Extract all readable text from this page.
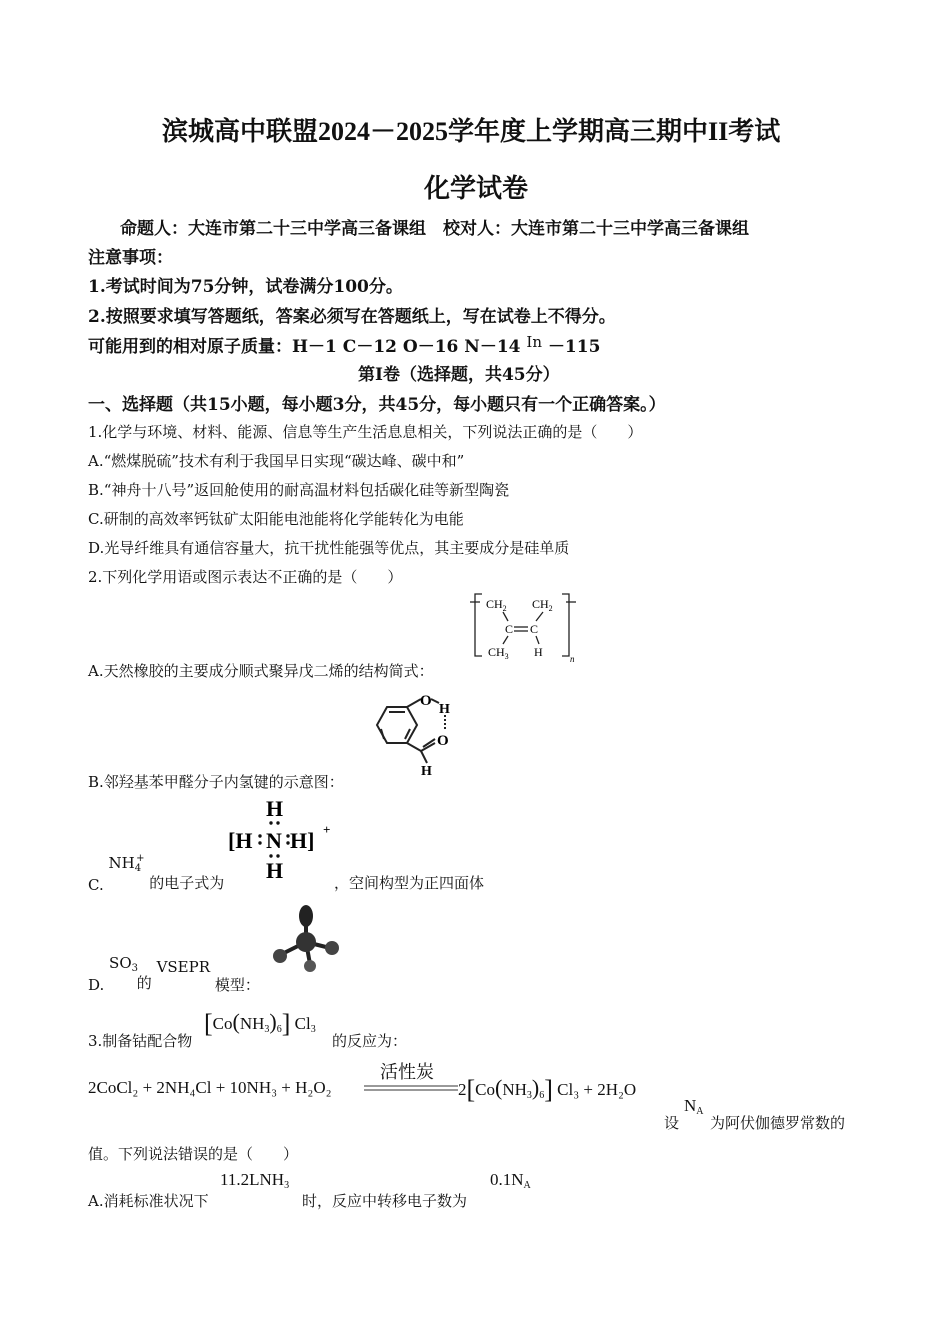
滨城高中联盟2024－2025学年度上学期高三期中II考试
化学试卷
命题人：大连市第二十三中学高三备课组　校对人：大连市第二十三中学高三备课组
注意事项：
1.考试时间为75分钟，试卷满分100分。
2.按照要求填写答题纸，答案必须写在答题纸上，写在试卷上不得分。
可能用到的相对原子质量：H－1 C－12 O－16 N－14 In －115
第I卷（选择题，共45分）
一、选择题（共15小题，每小题3分，共45分，每小题只有一个正确答案。）
1.化学与环境、材料、能源、信息等生产生活息息相关，下列说法正确的是（　　）
A.“燃煤脱硫”技术有利于我国早日实现“碳达峰、碳中和”
B.“神舟十八号”返回舱使用的耐高温材料包括碳化硅等新型陶瓷
C.研制的高效率钙钛矿太阳能电池能将化学能转化为电能
D.光导纤维具有通信容量大，抗干扰性能强等优点，其主要成分是硅单质
2.下列化学用语或图示表达不正确的是（　　）
$CH_2$ $CH_2$
C C
$CH_3$ H	n
A.天然橡胶的主要成分顺式聚异戊二烯的结构简式：
O
H
O
H
B.邻羟基苯甲醛分子内氢键的示意图：
H
[H N H]
H
+
C. $NH_4^+$ 的电子式为	，空间构型为正四面体
D. $SO_3$ 的 VSEPR 模型：
3.制备钴配合物
$[Co(NH_3)_6]$ $Cl_3$
的反应为：
2CoCl₂ + 2NH₄Cl + 10NH₃ + H₂O₂
活性炭
$2[Co(NH_3)_6] Cl_3 + 2H_2O$
设
$N_A$
为阿伏伽德罗常数的
值。下列说法错误的是（　　）
A.消耗标准状况下
$11.2LNH_3$
时，反应中转移电子数为
$0.1N_A$
